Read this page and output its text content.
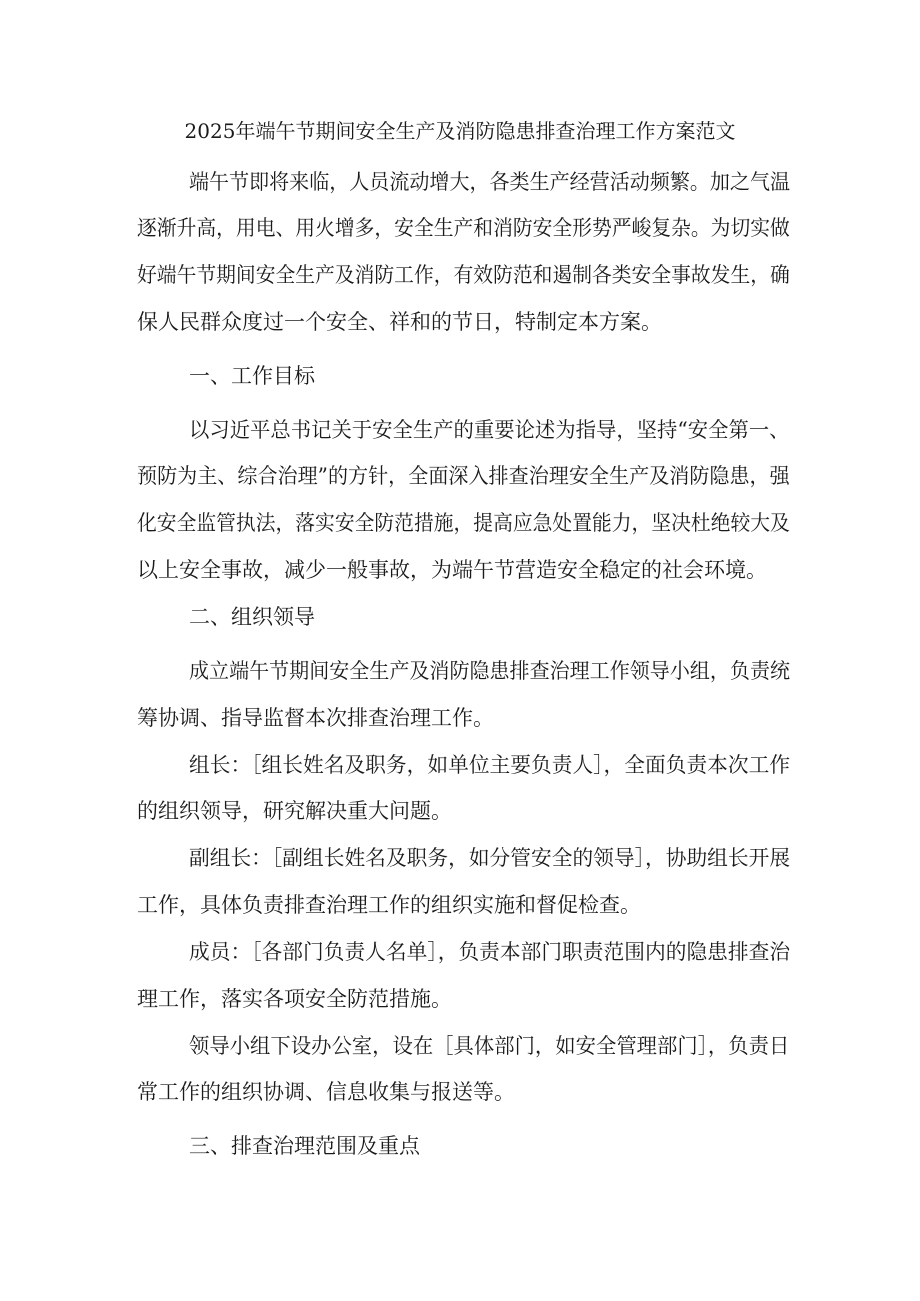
2025年端午节期间安全生产及消防隐患排查治理工作方案范文
端午节即将来临，人员流动增大，各类生产经营活动频繁。加之气温
逐渐升高，用电、用火增多，安全生产和消防安全形势严峻复杂。为切实做
好端午节期间安全生产及消防工作，有效防范和遏制各类安全事故发生，确
保人民群众度过一个安全、祥和的节日，特制定本方案。
一、工作目标
以习近平总书记关于安全生产的重要论述为指导，坚持“安全第一、
预防为主、综合治理”的方针，全面深入排查治理安全生产及消防隐患，强
化安全监管执法，落实安全防范措施，提高应急处置能力，坚决杜绝较大及
以上安全事故，减少一般事故，为端午节营造安全稳定的社会环境。
二、组织领导
成立端午节期间安全生产及消防隐患排查治理工作领导小组，负责统
筹协调、指导监督本次排查治理工作。
组长：［组长姓名及职务，如单位主要负责人］，全面负责本次工作
的组织领导，研究解决重大问题。
副组长：［副组长姓名及职务，如分管安全的领导］，协助组长开展
工作，具体负责排查治理工作的组织实施和督促检查。
成员：［各部门负责人名单］，负责本部门职责范围内的隐患排查治
理工作，落实各项安全防范措施。
领导小组下设办公室，设在［具体部门，如安全管理部门］，负责日
常工作的组织协调、信息收集与报送等。
三、排查治理范围及重点
